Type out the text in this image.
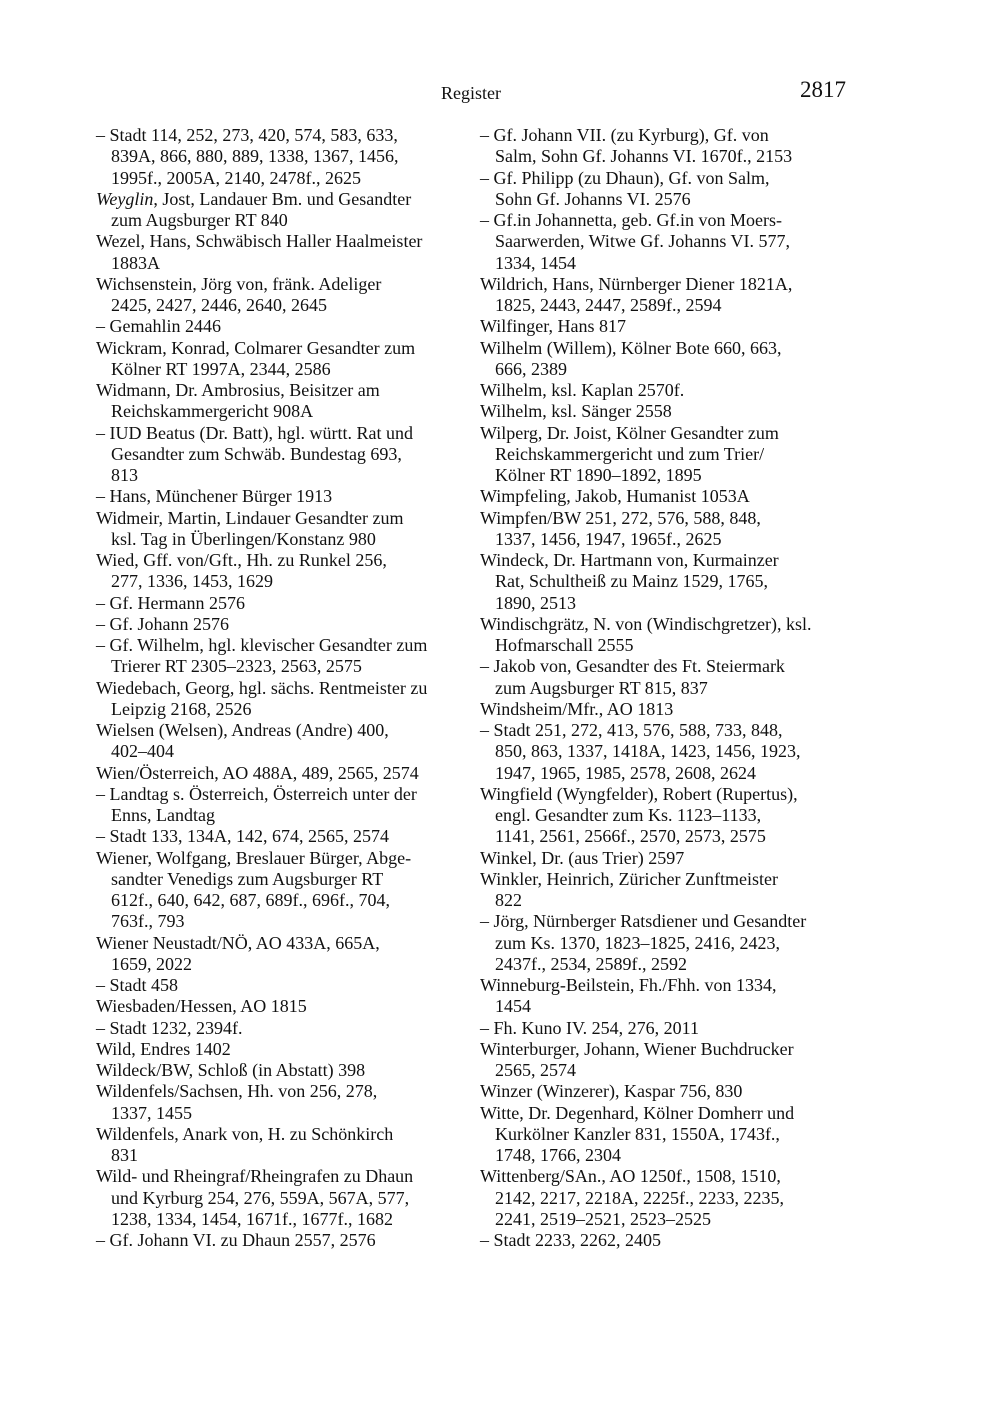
Register	2817

– Stadt 114, 252, 273, 420, 574, 583, 633,
839A, 866, 880, 889, 1338, 1367, 1456,
1995f., 2005A, 2140, 2478f., 2625

Weyglin, Jost, Landauer Bm. und Gesandter
zum Augsburger RT 840

Wezel, Hans, Schwäbisch Haller Haalmeister
1883A

Wichsenstein, Jörg von, fränk. Adeliger
2425, 2427, 2446, 2640, 2645

– Gemahlin 2446

Wickram, Konrad, Colmarer Gesandter zum
Kölner RT 1997A, 2344, 2586

Widmann, Dr. Ambrosius, Beisitzer am
Reichskammergericht 908A

– IUD Beatus (Dr. Batt), hgl. württ. Rat und
Gesandter zum Schwäb. Bundestag 693,
813

– Hans, Münchener Bürger 1913

Widmeir, Martin, Lindauer Gesandter zum
ksl. Tag in Überlingen/Konstanz 980

Wied, Gff. von/Gft., Hh. zu Runkel 256,
277, 1336, 1453, 1629

– Gf. Hermann 2576

– Gf. Johann 2576

– Gf. Wilhelm, hgl. klevischer Gesandter zum
Trierer RT 2305–2323, 2563, 2575

Wiedebach, Georg, hgl. sächs. Rentmeister zu
Leipzig 2168, 2526

Wielsen (Welsen), Andreas (Andre) 400,
402–404

Wien/Österreich, AO 488A, 489, 2565, 2574

– Landtag s. Österreich, Österreich unter der
Enns, Landtag

– Stadt 133, 134A, 142, 674, 2565, 2574

Wiener, Wolfgang, Breslauer Bürger, Abge-
sandter Venedigs zum Augsburger RT
612f., 640, 642, 687, 689f., 696f., 704,
763f., 793

Wiener Neustadt/NÖ, AO 433A, 665A,
1659, 2022

– Stadt 458

Wiesbaden/Hessen, AO 1815

– Stadt 1232, 2394f.

Wild, Endres 1402

Wildeck/BW, Schloß (in Abstatt) 398

Wildenfels/Sachsen, Hh. von 256, 278,
1337, 1455

Wildenfels, Anark von, H. zu Schönkirch
831

Wild- und Rheingraf/Rheingrafen zu Dhaun
und Kyrburg 254, 276, 559A, 567A, 577,
1238, 1334, 1454, 1671f., 1677f., 1682

– Gf. Johann VI. zu Dhaun 2557, 2576

– Gf. Johann VII. (zu Kyrburg), Gf. von
Salm, Sohn Gf. Johanns VI. 1670f., 2153

– Gf. Philipp (zu Dhaun), Gf. von Salm,
Sohn Gf. Johanns VI. 2576

– Gf.in Johannetta, geb. Gf.in von Moers-
Saarwerden, Witwe Gf. Johanns VI. 577,
1334, 1454

Wildrich, Hans, Nürnberger Diener 1821A,
1825, 2443, 2447, 2589f., 2594

Wilfinger, Hans 817

Wilhelm (Willem), Kölner Bote 660, 663,
666, 2389

Wilhelm, ksl. Kaplan 2570f.

Wilhelm, ksl. Sänger 2558

Wilperg, Dr. Joist, Kölner Gesandter zum
Reichskammergericht und zum Trier/
Kölner RT 1890–1892, 1895

Wimpfeling, Jakob, Humanist 1053A

Wimpfen/BW 251, 272, 576, 588, 848,
1337, 1456, 1947, 1965f., 2625

Windeck, Dr. Hartmann von, Kurmainzer
Rat, Schultheiß zu Mainz 1529, 1765,
1890, 2513

Windischgrätz, N. von (Windischgretzer), ksl.
Hofmarschall 2555

– Jakob von, Gesandter des Ft. Steiermark
zum Augsburger RT 815, 837

Windsheim/Mfr., AO 1813

– Stadt 251, 272, 413, 576, 588, 733, 848,
850, 863, 1337, 1418A, 1423, 1456, 1923,
1947, 1965, 1985, 2578, 2608, 2624

Wingfield (Wyngfelder), Robert (Rupertus),
engl. Gesandter zum Ks. 1123–1133,
1141, 2561, 2566f., 2570, 2573, 2575

Winkel, Dr. (aus Trier) 2597

Winkler, Heinrich, Züricher Zunftmeister
822

– Jörg, Nürnberger Ratsdiener und Gesandter
zum Ks. 1370, 1823–1825, 2416, 2423,
2437f., 2534, 2589f., 2592

Winneburg-Beilstein, Fh./Fhh. von 1334,
1454

– Fh. Kuno IV. 254, 276, 2011

Winterburger, Johann, Wiener Buchdrucker
2565, 2574

Winzer (Winzerer), Kaspar 756, 830

Witte, Dr. Degenhard, Kölner Domherr und
Kurkölner Kanzler 831, 1550A, 1743f.,
1748, 1766, 2304

Wittenberg/SAn., AO 1250f., 1508, 1510,
2142, 2217, 2218A, 2225f., 2233, 2235,
2241, 2519–2521, 2523–2525

– Stadt 2233, 2262, 2405
